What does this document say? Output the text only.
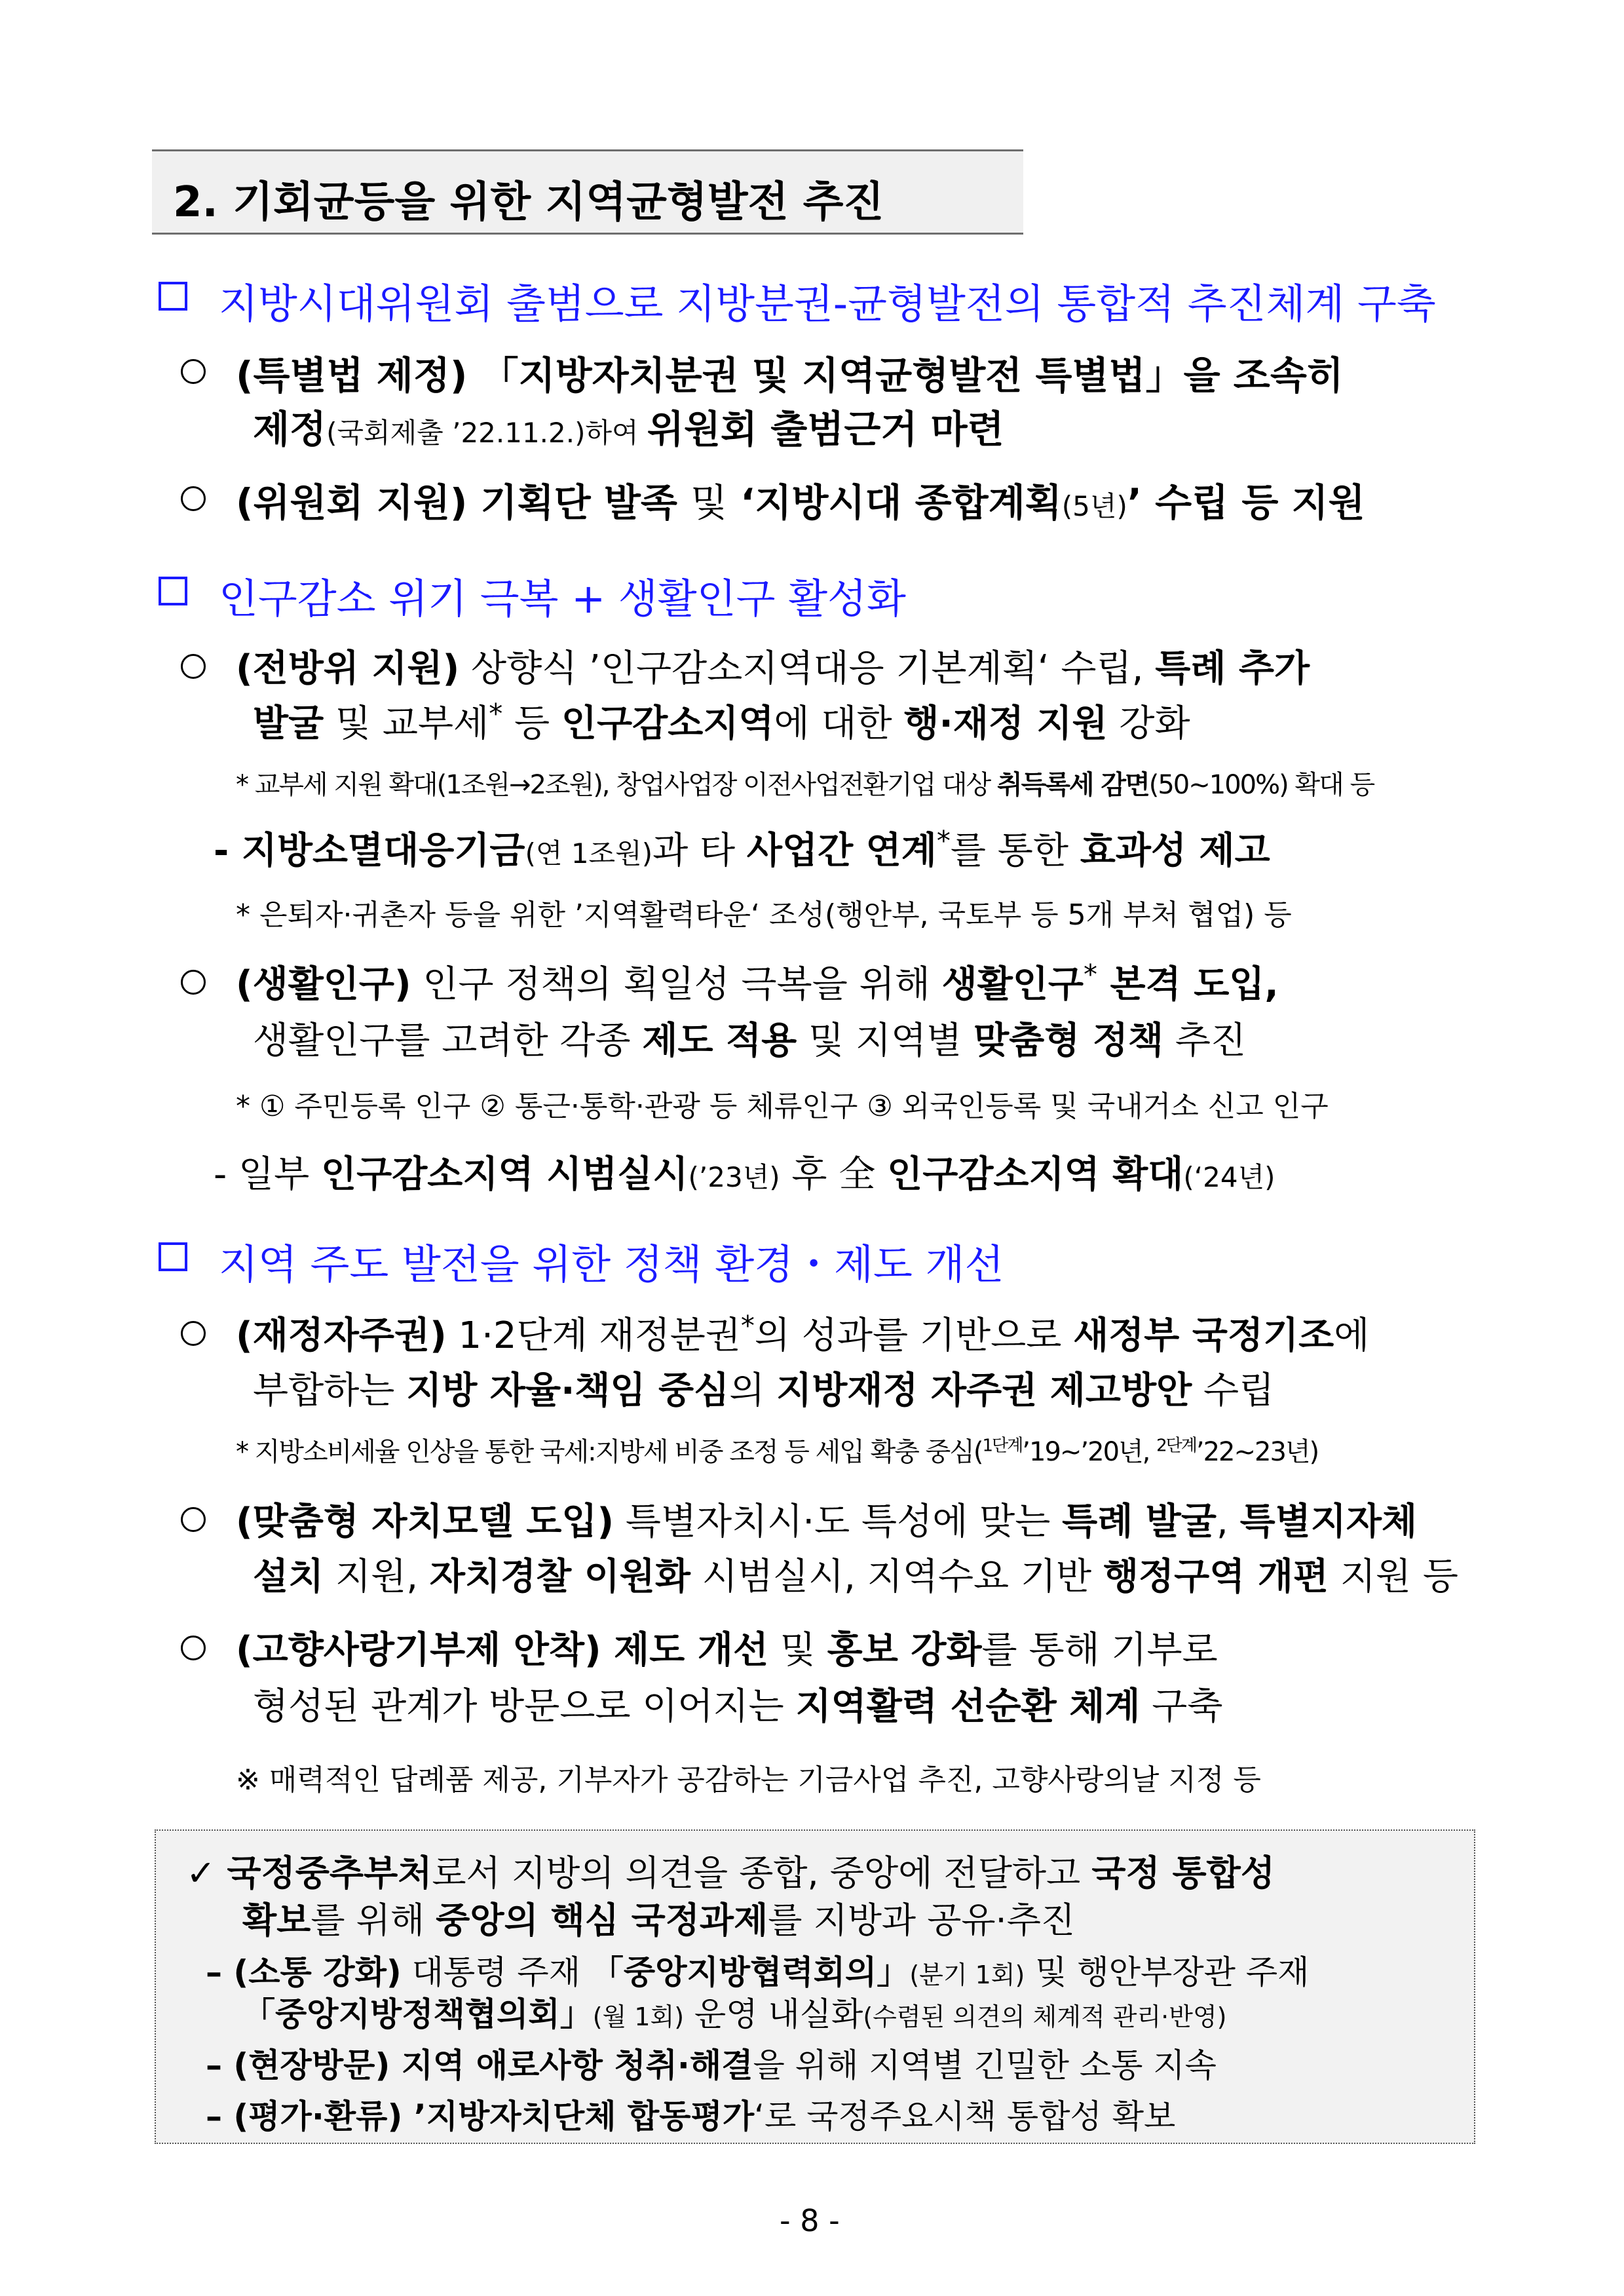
2. 기회균등을 위한 지역균형발전 추진
지방시대위원회 출범으로 지방분권-균형발전의 통합적 추진체계 구축
(특별법 제정) 「지방자치분권 및 지역균형발전 특별법」을 조속히
제정(국회제출 ’22.11.2.)하여 위원회 출범근거 마련
(위원회 지원) 기획단 발족 및 ‘지방시대 종합계획(5년)’ 수립 등 지원
인구감소 위기 극복 + 생활인구 활성화
(전방위 지원) 상향식 ’인구감소지역대응 기본계획‘ 수립, 특례 추가
발굴 및 교부세* 등 인구감소지역에 대한 행·재정 지원 강화
* 교부세 지원 확대(1조원→2조원), 창업사업장 이전사업전환기업 대상 취득록세 감면(50~100%) 확대 등
- 지방소멸대응기금(연 1조원)과 타 사업간 연계*를 통한 효과성 제고
* 은퇴자·귀촌자 등을 위한 ’지역활력타운‘ 조성(행안부, 국토부 등 5개 부처 협업) 등
(생활인구) 인구 정책의 획일성 극복을 위해 생활인구* 본격 도입,
생활인구를 고려한 각종 제도 적용 및 지역별 맞춤형 정책 추진
* ① 주민등록 인구 ② 통근·통학·관광 등 체류인구 ③ 외국인등록 및 국내거소 신고 인구
- 일부 인구감소지역 시범실시(’23년) 후 全 인구감소지역 확대(‘24년)
지역 주도 발전을 위한 정책 환경・제도 개선
(재정자주권) 1·2단계 재정분권*의 성과를 기반으로 새정부 국정기조에
부합하는 지방 자율·책임 중심의 지방재정 자주권 제고방안 수립
* 지방소비세율 인상을 통한 국세:지방세 비중 조정 등 세입 확충 중심($^{1단계}$’19~’20년, $^{2단계}$’22~23년)
(맞춤형 자치모델 도입) 특별자치시·도 특성에 맞는 특례 발굴, 특별지자체
설치 지원, 자치경찰 이원화 시범실시, 지역수요 기반 행정구역 개편 지원 등
(고향사랑기부제 안착) 제도 개선 및 홍보 강화를 통해 기부로
형성된 관계가 방문으로 이어지는 지역활력 선순환 체계 구축
※ 매력적인 답례품 제공, 기부자가 공감하는 기금사업 추진, 고향사랑의날 지정 등
✓ 국정중추부처로서 지방의 의견을 종합, 중앙에 전달하고 국정 통합성
확보를 위해 중앙의 핵심 국정과제를 지방과 공유·추진
– (소통 강화) 대통령 주재 「중앙지방협력회의」(분기 1회) 및 행안부장관 주재
「중앙지방정책협의회」(월 1회) 운영 내실화(수렴된 의견의 체계적 관리·반영)
– (현장방문) 지역 애로사항 청취·해결을 위해 지역별 긴밀한 소통 지속
– (평가·환류) ’지방자치단체 합동평가‘로 국정주요시책 통합성 확보
- 8 -
